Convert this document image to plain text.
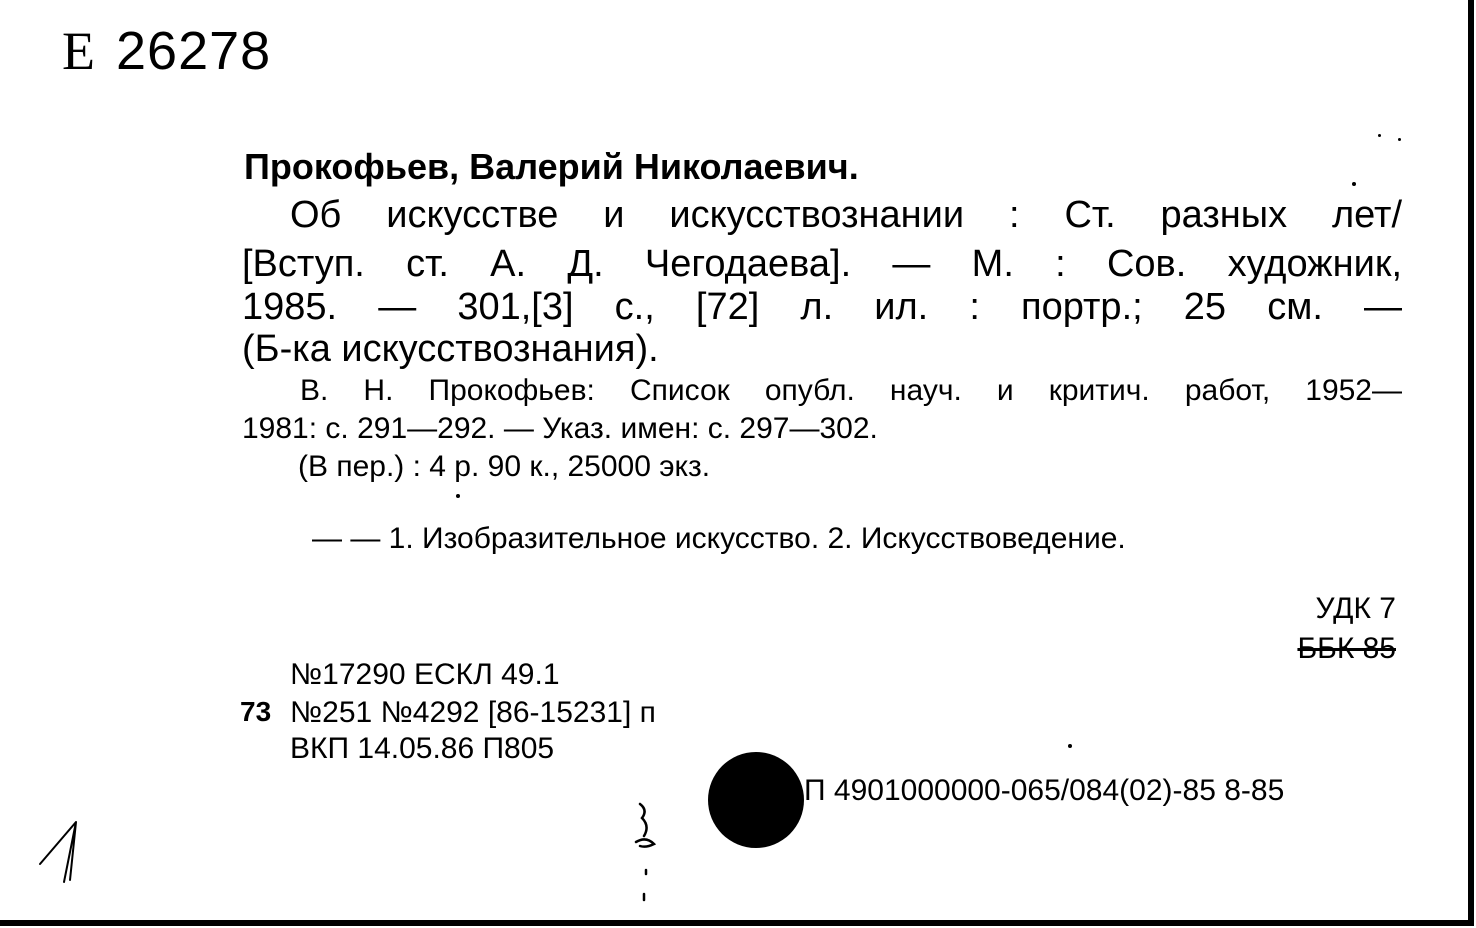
Е 26278
Прокофьев, Валерий Николаевич.
Об искусстве и искусствознании : Ст. разных лет/
[Вступ. ст. А. Д. Чегодаева]. — М. : Сов. художник,
1985. — 301,[3] с., [72] л. ил. : портр.; 25 см. —
(Б-ка искусствознания).
В. Н. Прокофьев: Список опубл. науч. и критич. работ, 1952—
1981: с. 291—292. — Указ. имен: с. 297—302.
(В пер.) : 4 р. 90 к., 25000 экз.
— — 1. Изобразительное искусство. 2. Искусствоведение.
УДК 7
ББК 85
№17290 ЕСКЛ 49.1
73 №251 №4292 [86-15231] п
ВКП 14.05.86 П805
П 4901000000-065/084(02)-85 8-85
